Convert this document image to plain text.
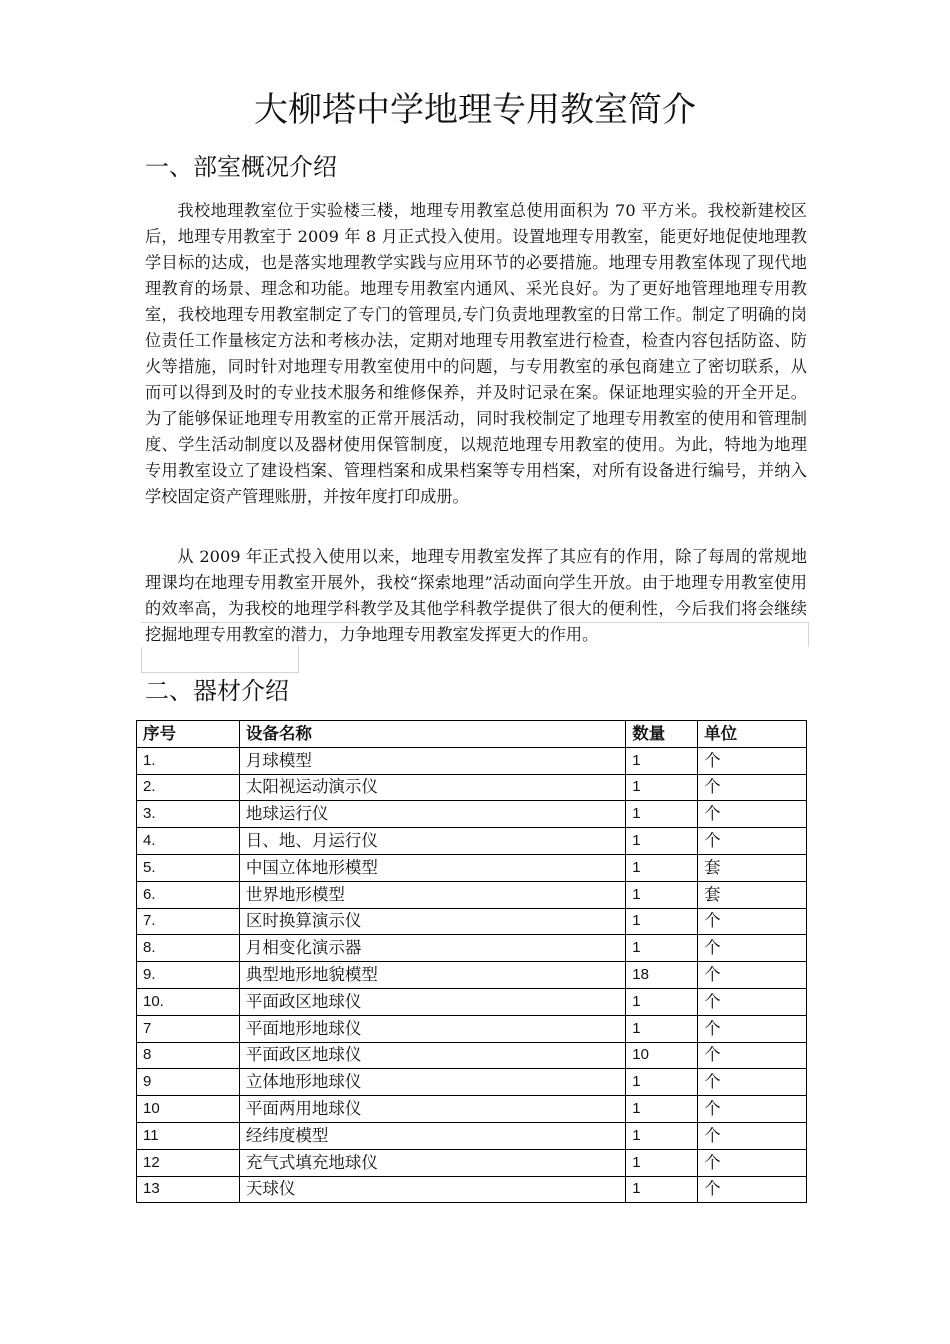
大柳塔中学地理专用教室简介
一、部室概况介绍

我校地理教室位于实验楼三楼，地理专用教室总使用面积为 70 平方米。我校新建校区后，地理专用教室于 2009 年 8 月正式投入使用。设置地理专用教室，能更好地促使地理教学目标的达成，也是落实地理教学实践与应用环节的必要措施。地理专用教室体现了现代地理教育的场景、理念和功能。地理专用教室内通风、采光良好。为了更好地管理地理专用教室，我校地理专用教室制定了专门的管理员,专门负责地理教室的日常工作。制定了明确的岗位责任工作量核定方法和考核办法，定期对地理专用教室进行检查，检查内容包括防盗、防火等措施，同时针对地理专用教室使用中的问题，与专用教室的承包商建立了密切联系，从而可以得到及时的专业技术服务和维修保养，并及时记录在案。保证地理实验的开全开足。为了能够保证地理专用教室的正常开展活动，同时我校制定了地理专用教室的使用和管理制度、学生活动制度以及器材使用保管制度，以规范地理专用教室的使用。为此，特地为地理专用教室设立了建设档案、管理档案和成果档案等专用档案，对所有设备进行编号，并纳入学校固定资产管理账册，并按年度打印成册。

从 2009 年正式投入使用以来，地理专用教室发挥了其应有的作用，除了每周的常规地理课均在地理专用教室开展外，我校“探索地理”活动面向学生开放。由于地理专用教室使用的效率高，为我校的地理学科教学及其他学科教学提供了很大的便利性，今后我们将会继续挖掘地理专用教室的潜力，力争地理专用教室发挥更大的作用。

二、器材介绍
序号	设备名称	数量	单位
1.	月球模型	1	个
2.	太阳视运动演示仪	1	个
3.	地球运行仪	1	个
4.	日、地、月运行仪	1	个
5.	中国立体地形模型	1	套
6.	世界地形模型	1	套
7.	区时换算演示仪	1	个
8.	月相变化演示器	1	个
9.	典型地形地貌模型	18	个
10.	平面政区地球仪	1	个
7	平面地形地球仪	1	个
8	平面政区地球仪	10	个
9	立体地形地球仪	1	个
10	平面两用地球仪	1	个
11	经纬度模型	1	个
12	充气式填充地球仪	1	个
13	天球仪	1	个
